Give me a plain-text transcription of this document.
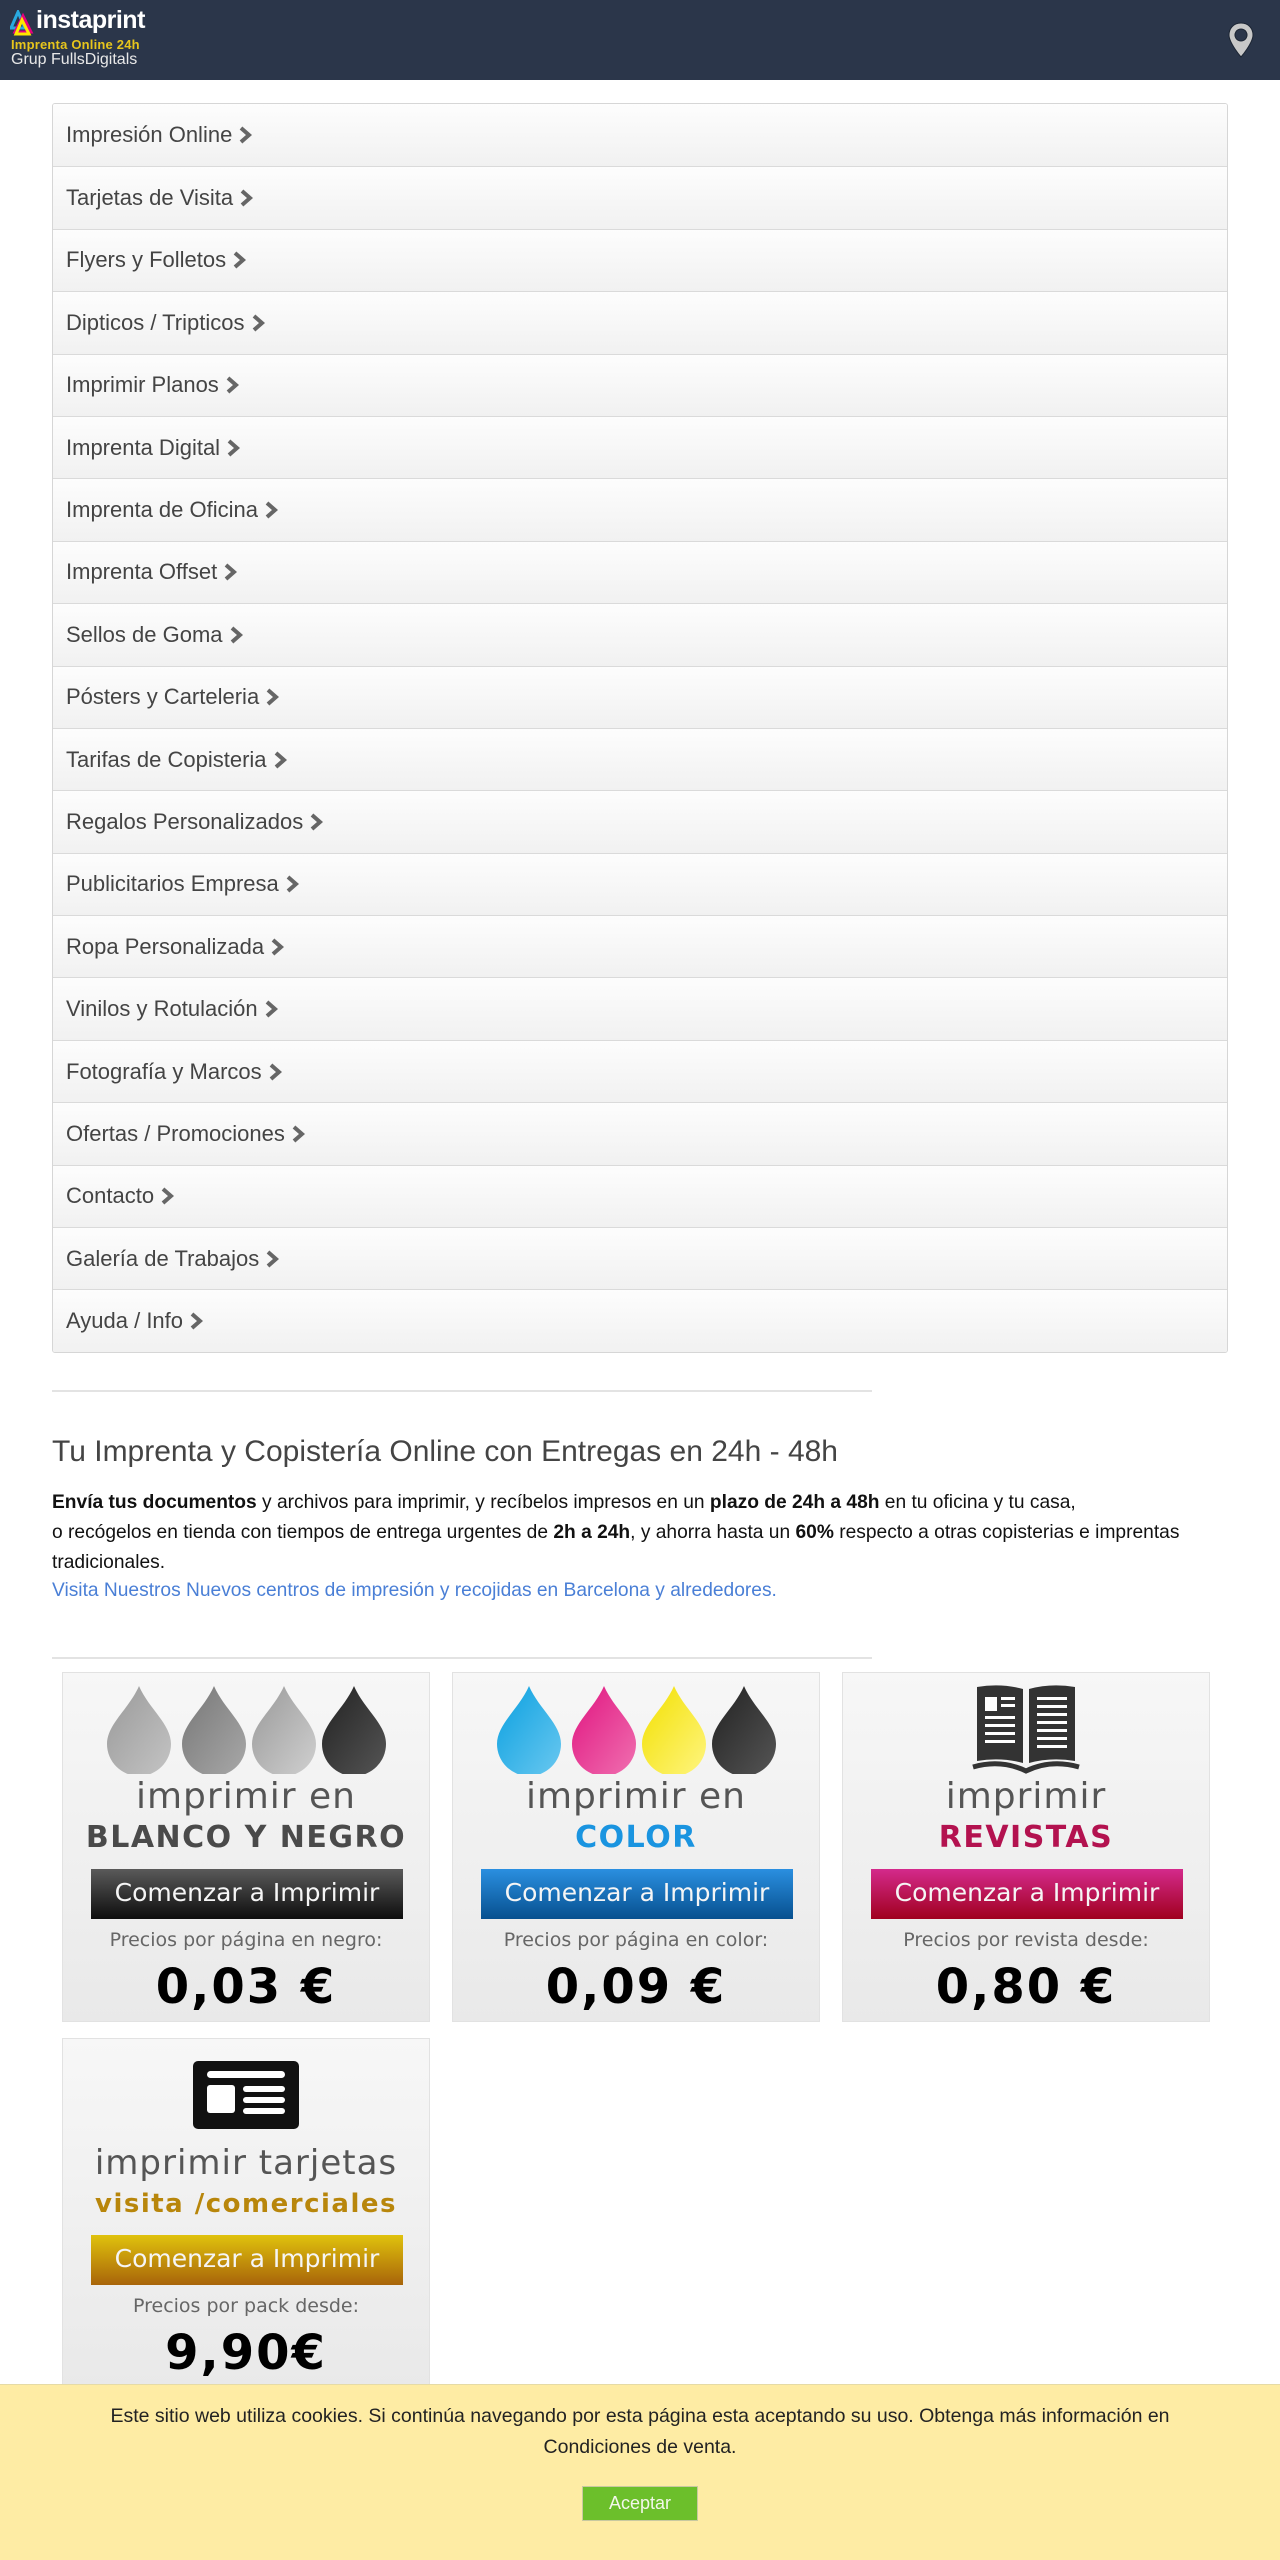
instaprint
Imprenta Online 24h
Grup FullsDigitals
Impresión Online
Tarjetas de Visita
Flyers y Folletos
Dipticos / Tripticos
Imprimir Planos
Imprenta Digital
Imprenta de Oficina
Imprenta Offset
Sellos de Goma
Pósters y Carteleria
Tarifas de Copisteria
Regalos Personalizados
Publicitarios Empresa
Ropa Personalizada
Vinilos y Rotulación
Fotografía y Marcos
Ofertas / Promociones
Contacto
Galería de Trabajos
Ayuda / Info
Tu Imprenta y Copistería Online con Entregas en 24h - 48h

Envía tus documentos y archivos para imprimir, y recíbelos impresos en un plazo de 24h a 48h en tu oficina y tu casa,
o recógelos en tienda con tiempos de entrega urgentes de 2h a 24h, y ahorra hasta un 60% respecto a otras copisterias e imprentas tradicionales.

Visita Nuestros Nuevos centros de impresión y recojidas en Barcelona y alrededores.
imprimir en
BLANCO Y NEGRO
Comenzar a Imprimir
Precios por página en negro:
0,03 €
imprimir en
COLOR
Comenzar a Imprimir
Precios por página en color:
0,09 €
imprimir
REVISTAS
Comenzar a Imprimir
Precios por revista desde:
0,80 €
imprimir tarjetas
visita /comerciales
Comenzar a Imprimir
Precios por pack desde:
9,90€

Este sitio web utiliza cookies. Si continúa navegando por esta página esta aceptando su uso. Obtenga más información en Condiciones de venta.

Aceptar
